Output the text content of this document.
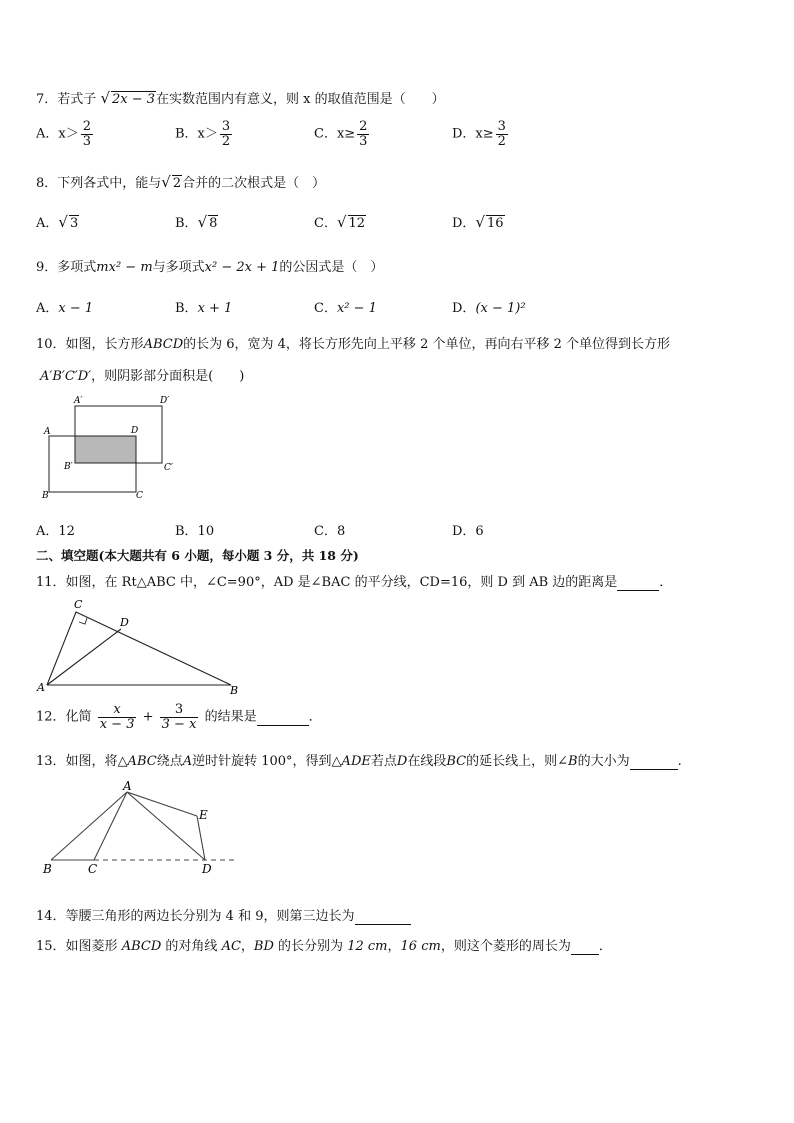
7．若式子 √ 2x − 3在实数范围内有意义，则 x 的取值范围是（　　）
A．$x> \frac{2}{3}$	B．$x> \frac{3}{2}$	C．$x\ge \frac{2}{3}$	D．$x\ge \frac{3}{2}$
8．下列各式中，能与√ 2合并的二次根式是（　）
A．√ 3	B．√ 8	C．√ 12	D．√ 16
9．多项式mx² − m与多项式x² − 2x + 1的公因式是（　）
A．x − 1	B．x + 1	C．x² − 1	D．(x − 1)²
10．如图，长方形ABCD的长为 6，宽为 4，将长方形先向上平移 2 个单位，再向右平移 2 个单位得到长方形
A′B′C′D′，则阴影部分面积是(　　)
A
B	C
D
A′
B′	C′
D′
A．12	B．10	C．8	D．6
二、填空题(本大题共有 6 小题，每小题 3 分，共 18 分)
11．如图，在 Rt△ABC 中，∠C=90°，AD 是∠BAC 的平分线，CD=16，则 D 到 AB 边的距离是	．
C
D
A	B
12．化简 $\frac{x}{x - 3} + \frac{3}{3 - x}$ 的结果是	．
13．如图，将△ABC绕点A逆时针旋转 100°，得到△ADE若点D在线段BC的延长线上，则∠B的大小为	.
A
B	C	D
E
14．等腰三角形的两边长分别为 4 和 9，则第三边长为
15．如图菱形 ABCD 的对角线 AC，BD 的长分别为 12 cm，16 cm，则这个菱形的周长为 ．
